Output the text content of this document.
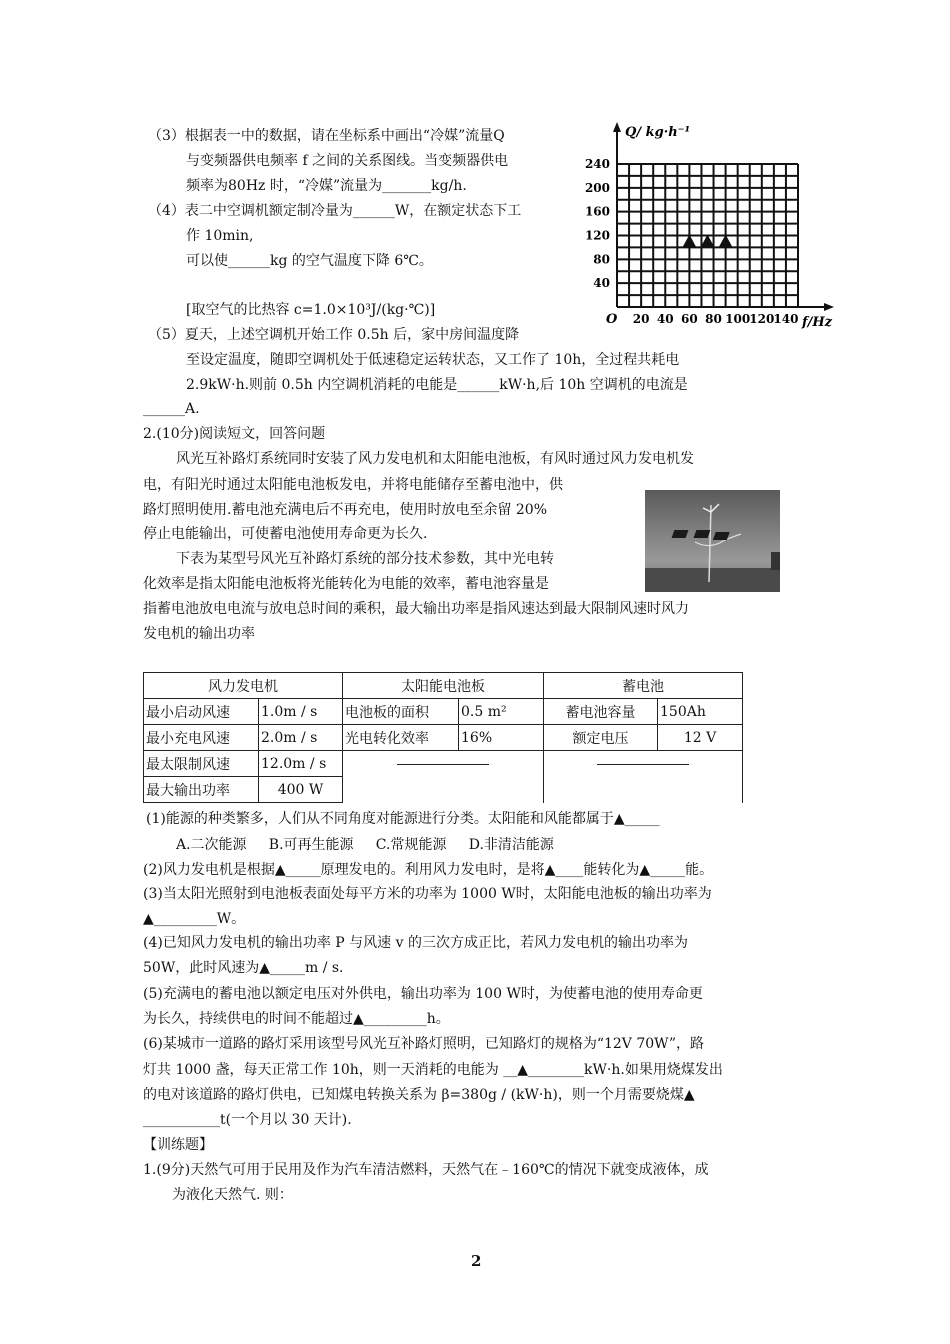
（3）根据表一中的数据，请在坐标系中画出“冷媒”流量Q
与变频器供电频率 f 之间的关系图线。当变频器供电
频率为80Hz 时，“冷媒”流量为_______kg/h.
（4）表二中空调机额定制冷量为______W，在额定状态下工
作 10min,
可以使______kg 的空气温度下降 6℃。
[取空气的比热容 c=1.0×10³J/(kg·℃)]
（5）夏天，上述空调机开始工作 0.5h 后，家中房间温度降
至设定温度，随即空调机处于低速稳定运转状态，又工作了 10h，全过程共耗电
2.9kW·h.则前 0.5h 内空调机消耗的电能是______kW·h,后 10h 空调机的电流是
______A.
Q/ kg·h⁻¹
f/Hz
O 20 40 60 80 100 120 140
40
80
120
160
200
240
2.(10分)阅读短文，回答问题
风光互补路灯系统同时安装了风力发电机和太阳能电池板，有风时通过风力发电机发
电，有阳光时通过太阳能电池板发电，并将电能储存至蓄电池中，供
路灯照明使用.蓄电池充满电后不再充电，使用时放电至余留 20%
停止电能输出，可使蓄电池使用寿命更为长久.
下表为某型号风光互补路灯系统的部分技术参数，其中光电转
化效率是指太阳能电池板将光能转化为电能的效率，蓄电池容量是
指蓄电池放电电流与放电总时间的乘积，最大输出功率是指风速达到最大限制风速时风力
发电机的输出功率
风力发电机		太阳能电池板		蓄电池	
最小启动风速	1.0m / s	电池板的面积	0.5 m²	蓄电池容量	150Ah
最小充电风速	2.0m / s	光电转化效率	16%	额定电压	12 V
最太限制风速	12.0m / s				
最大输出功率	400 W				
(1)能源的种类繁多，人们从不同角度对能源进行分类。太阳能和风能都属于▲_____
A.二次能源     B.可再生能源     C.常规能源     D.非清洁能源
(2)风力发电机是根据▲_____原理发电的。利用风力发电时，是将▲____能转化为▲_____能。
(3)当太阳光照射到电池板表面处每平方米的功率为 1000 W时，太阳能电池板的输出功率为
▲_________W。
(4)已知风力发电机的输出功率 P 与风速 v 的三次方成正比，若风力发电机的输出功率为
50W，此时风速为▲_____m / s.
(5)充满电的蓄电池以额定电压对外供电，输出功率为 100 W时，为使蓄电池的使用寿命更
为长久，持续供电的时间不能超过▲_________h。
(6)某城市一道路的路灯采用该型号风光互补路灯照明，已知路灯的规格为“12V 70W”，路
灯共 1000 盏，每天正常工作 10h，则一天消耗的电能为 __▲________kW·h.如果用烧煤发出
的电对该道路的路灯供电，已知煤电转换关系为 β=380g / (kW·h)，则一个月需要烧煤▲
___________t(一个月以 30 天计).
【训练题】
1.(9分)天然气可用于民用及作为汽车清洁燃料，天然气在﹣160℃的情况下就变成液体，成
为液化天然气. 则：
2
